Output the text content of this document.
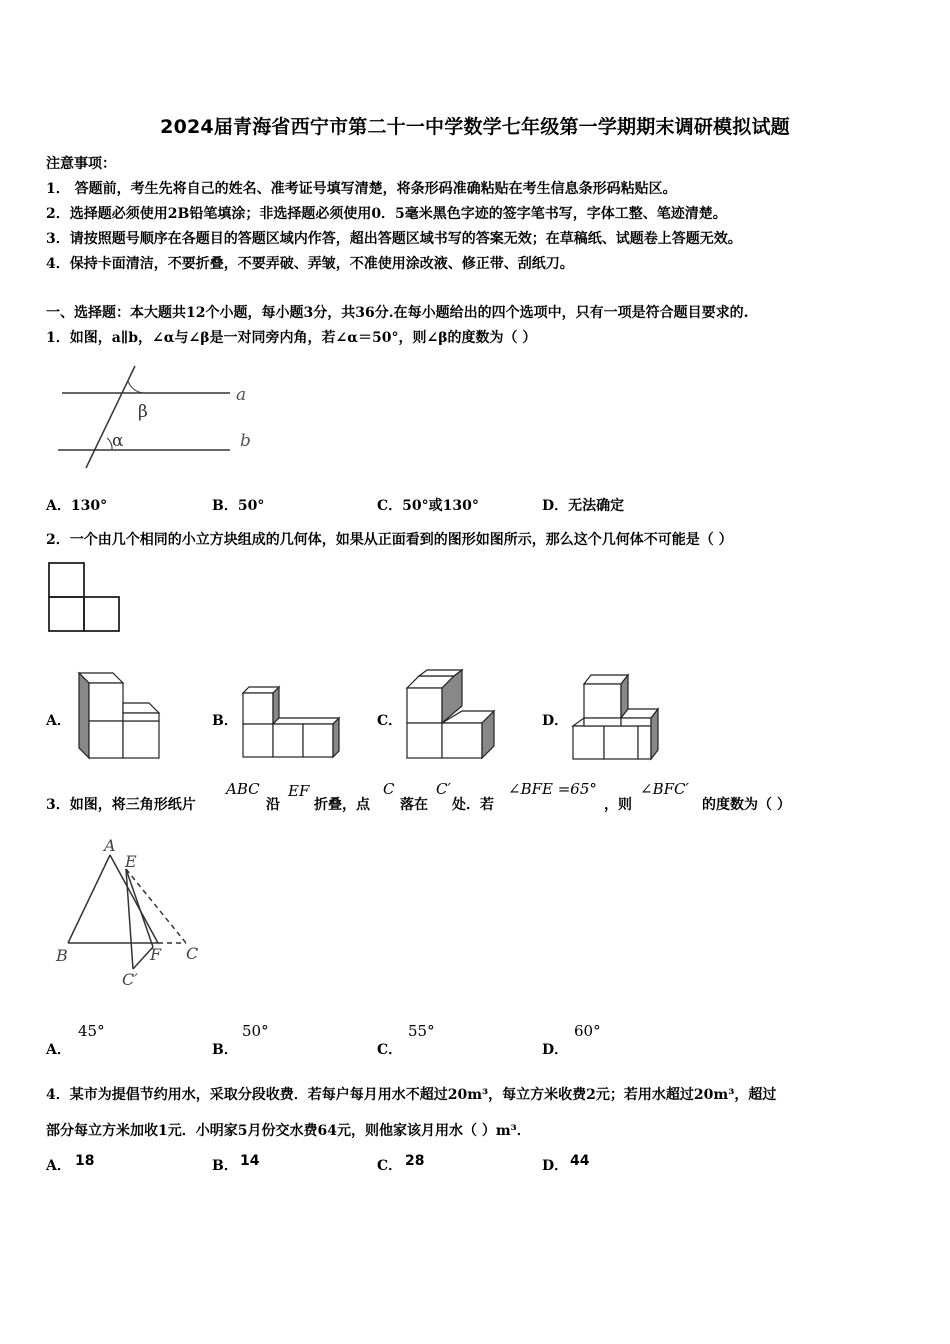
2024届青海省西宁市第二十一中学数学七年级第一学期期末调研模拟试题
注意事项：
1． 答题前，考生先将自己的姓名、准考证号填写清楚，将条形码准确粘贴在考生信息条形码粘贴区。
2．选择题必须使用2B铅笔填涂；非选择题必须使用0．5毫米黑色字迹的签字笔书写，字体工整、笔迹清楚。
3．请按照题号顺序在各题目的答题区域内作答，超出答题区域书写的答案无效；在草稿纸、试题卷上答题无效。
4．保持卡面清洁，不要折叠，不要弄破、弄皱，不准使用涂改液、修正带、刮纸刀。
一、选择题：本大题共12个小题，每小题3分，共36分.在每小题给出的四个选项中，只有一项是符合题目要求的.
1．如图，a∥b，∠α与∠β是一对同旁内角，若∠α＝50°，则∠β的度数为（ ）
β
α
a
b
A．130°	B．50°	C．50°或130°	D．无法确定
2．一个由几个相同的小立方块组成的几何体，如果从正面看到的图形如图所示，那么这个几何体不可能是（ ）
A．	B．	C．	D．
3．如图，将三角形纸片
ABC
沿
EF
折叠，点
C
落在
C′
处．若
∠BFE =65°
，则
∠BFC′
的度数为（ ）
A
E
B	C
F
C′
A．
45°
B．
50°
C．
55°
D．
60°
4．某市为提倡节约用水，采取分段收费．若每户每月用水不超过20m³，每立方米收费2元；若用水超过20m³，超过
部分每立方米加收1元．小明家5月份交水费64元，则他家该月用水（ ）m³．
A． 18	B． 14	C． 28	D． 44
